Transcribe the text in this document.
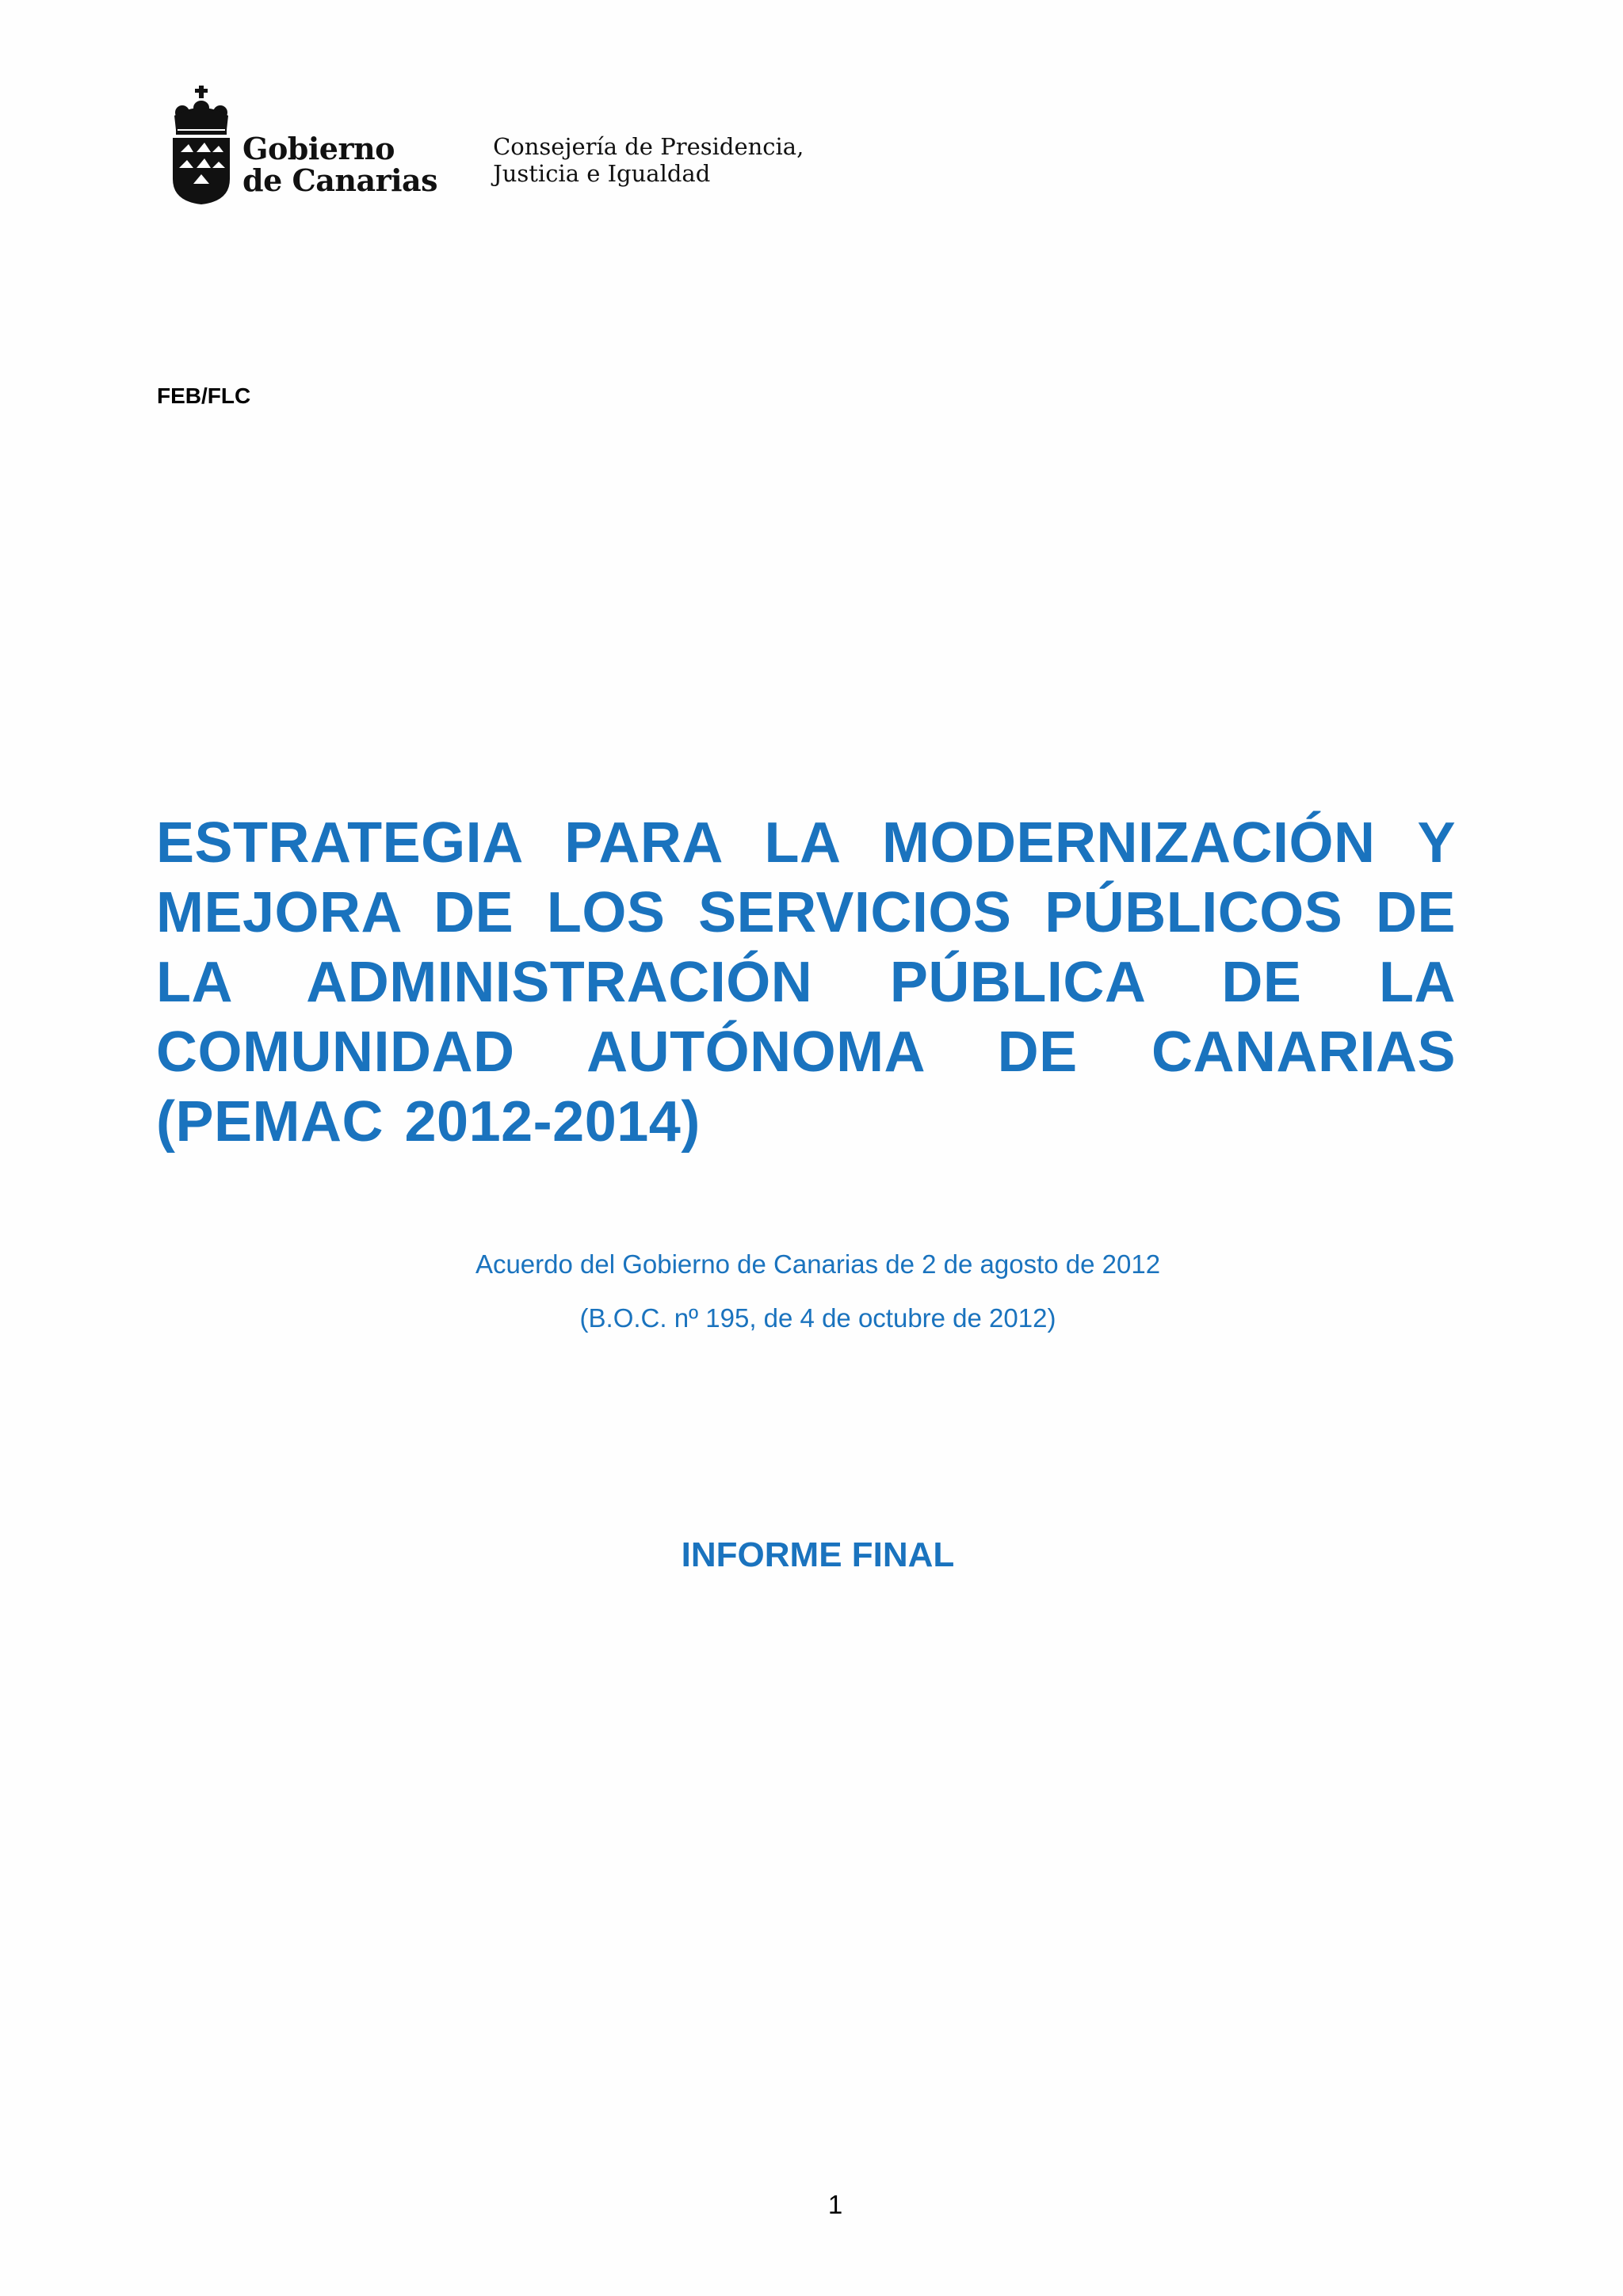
Gobierno
de Canarias
Consejería de Presidencia,
Justicia e Igualdad
FEB/FLC
ESTRATEGIA PARA LA MODERNIZACIÓN Y MEJORA DE LOS SERVICIOS PÚBLICOS DE LA ADMINISTRACIÓN PÚBLICA DE LA COMUNIDAD AUTÓNOMA DE CANARIAS (PEMAC 2012-2014)
Acuerdo del Gobierno de Canarias de 2 de agosto de 2012
(B.O.C. nº 195, de 4 de octubre de 2012)
INFORME FINAL
1
